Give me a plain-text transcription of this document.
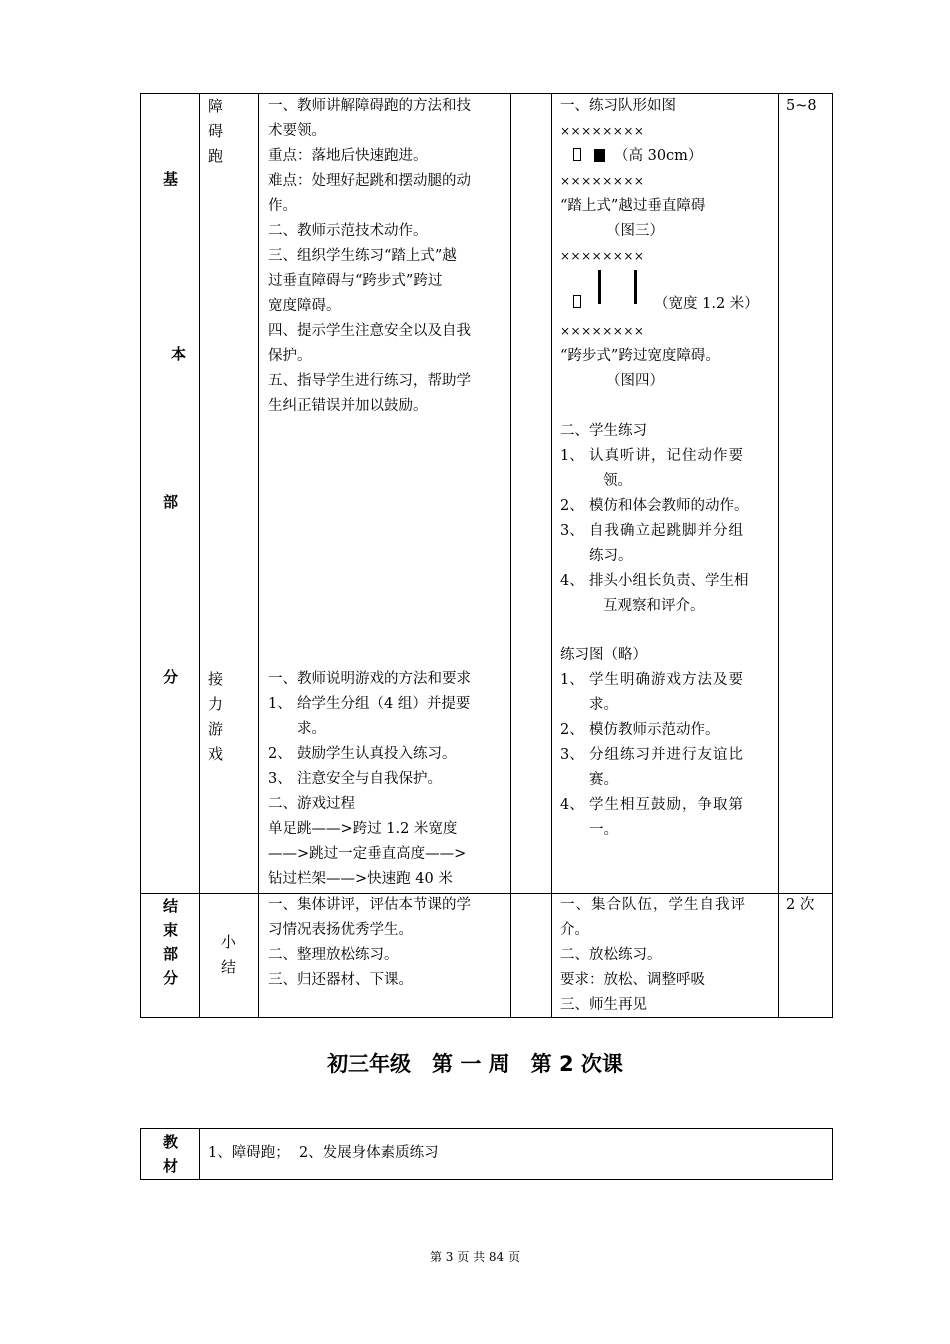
基
本
部
分
障
碍
跑
一、教师讲解障碍跑的方法和技
术要领。
重点：落地后快速跑进。
难点：处理好起跳和摆动腿的动
作。
二、教师示范技术动作。
三、组织学生练习“踏上式”越
过垂直障碍与“跨步式”跨过
宽度障碍。
四、提示学生注意安全以及自我
保护。
五、指导学生进行练习，帮助学
生纠正错误并加以鼓励。
一、练习队形如图
××××××××
（高 30cm）
××××××××
“踏上式”越过垂直障碍
（图三）
××××××××
（宽度 1.2 米）
××××××××
“跨步式”跨过宽度障碍。
（图四）
二、学生练习
1、 认真听讲，记住动作要
领。
2、 模仿和体会教师的动作。
3、 自我确立起跳脚并分组
练习。
4、 排头小组长负责、学生相
互观察和评介。
5~8
接
力
游
戏
一、教师说明游戏的方法和要求
1、 给学生分组（4 组）并提要
求。
2、 鼓励学生认真投入练习。
3、 注意安全与自我保护。
二、游戏过程
单足跳——>跨过 1.2 米宽度
——>跳过一定垂直高度——>
钻过栏架——>快速跑 40 米
练习图（略）
1、 学生明确游戏方法及要
求。
2、 模仿教师示范动作。
3、 分组练习并进行友谊比
赛。
4、 学生相互鼓励，争取第
一。
结
束
部
分
小
结
一、集体讲评，评估本节课的学
习情况表扬优秀学生。
二、整理放松练习。
三、归还器材、下课。
一、集合队伍，学生自我评
介。
二、放松练习。
要求：放松、调整呼吸
三、师生再见
2 次
初三年级　第 一 周　第 2 次课
教
材
1、障碍跑；  2、发展身体素质练习
第 3 页 共 84 页
